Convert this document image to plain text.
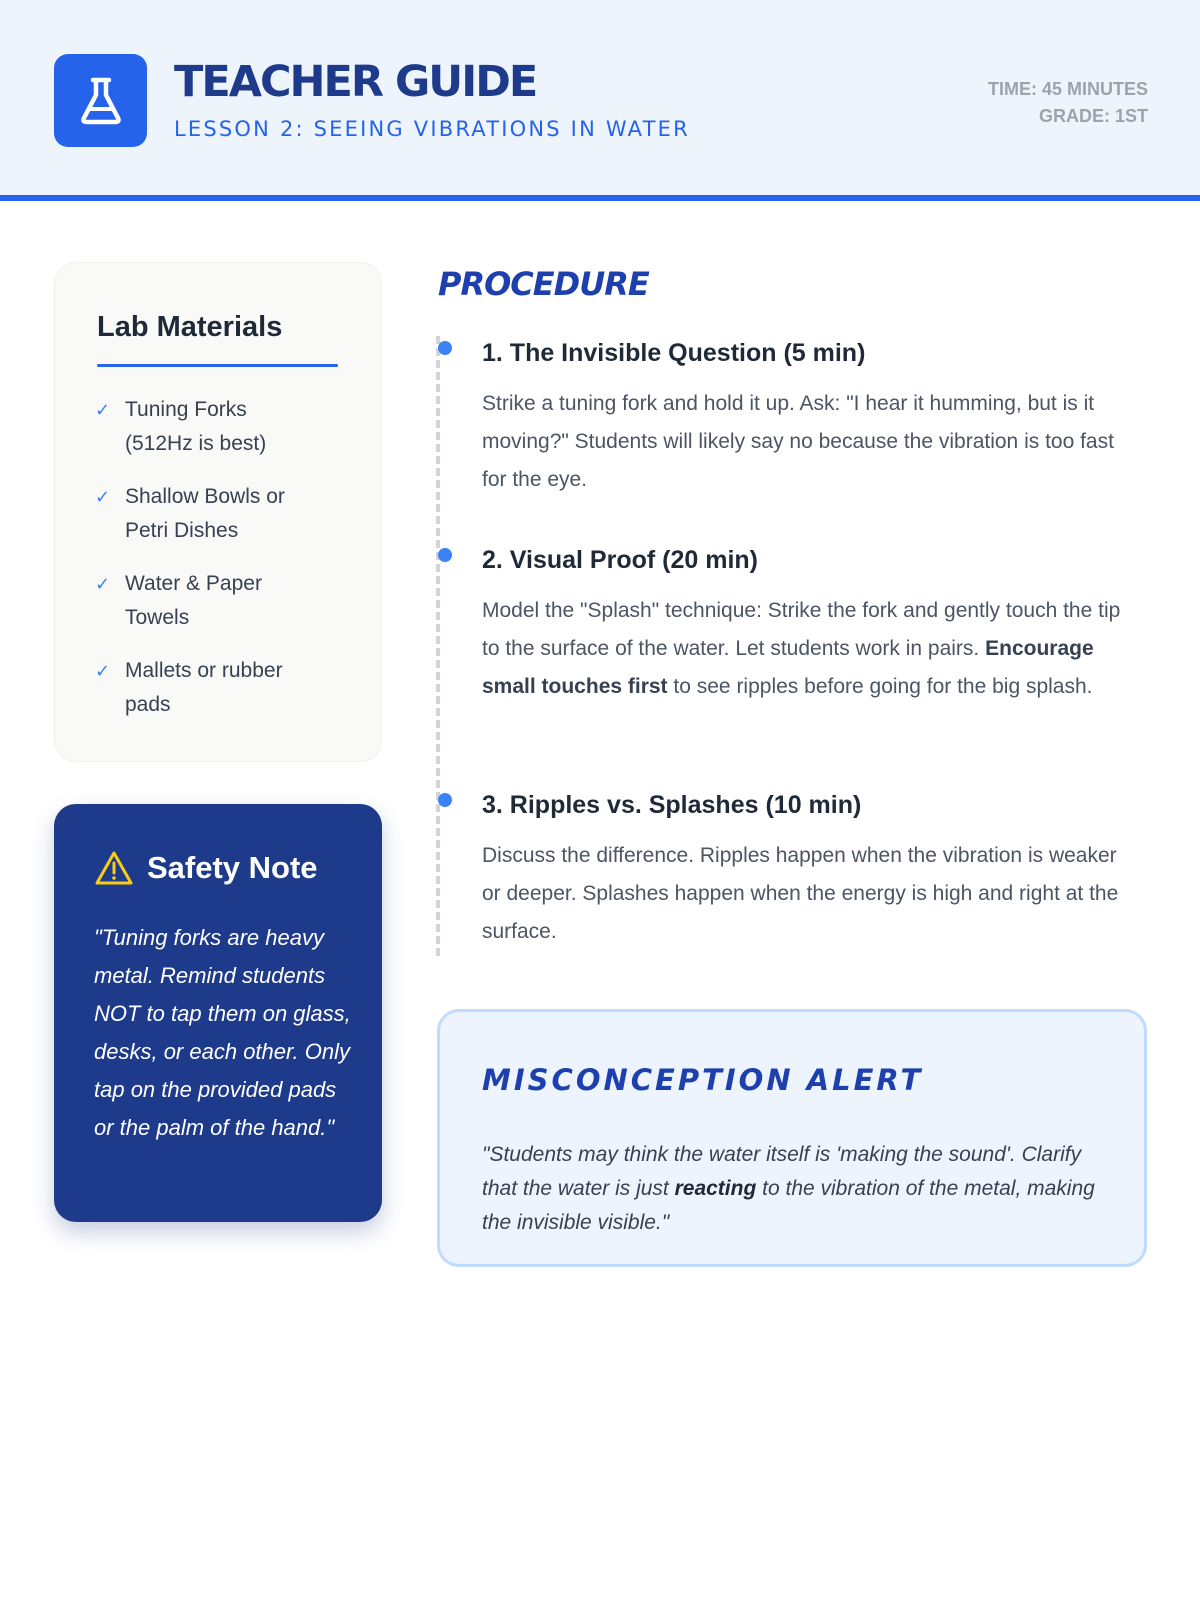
TEACHER GUIDE
LESSON 2: SEEING VIBRATIONS IN WATER
TIME: 45 MINUTES
GRADE: 1ST
Lab Materials
✓ Tuning Forks
(512Hz is best)
✓ Shallow Bowls or
Petri Dishes
✓ Water & Paper
Towels
✓ Mallets or rubber
pads
Safety Note

"Tuning forks are heavy metal. Remind students NOT to tap them on glass, desks, or each other. Only tap on the provided pads or the palm of the hand."

PROCEDURE
1. The Invisible Question (5 min)

Strike a tuning fork and hold it up. Ask: "I hear it humming, but is it moving?" Students will likely say no because the vibration is too fast for the eye.

2. Visual Proof (20 min)

Model the "Splash" technique: Strike the fork and gently touch the tip to the surface of the water. Let students work in pairs. Encourage small touches first to see ripples before going for the big splash.

3. Ripples vs. Splashes (10 min)

Discuss the difference. Ripples happen when the vibration is weaker or deeper. Splashes happen when the energy is high and right at the surface.

MISCONCEPTION ALERT

"Students may think the water itself is 'making the sound'. Clarify that the water is just reacting to the vibration of the metal, making the invisible visible."
